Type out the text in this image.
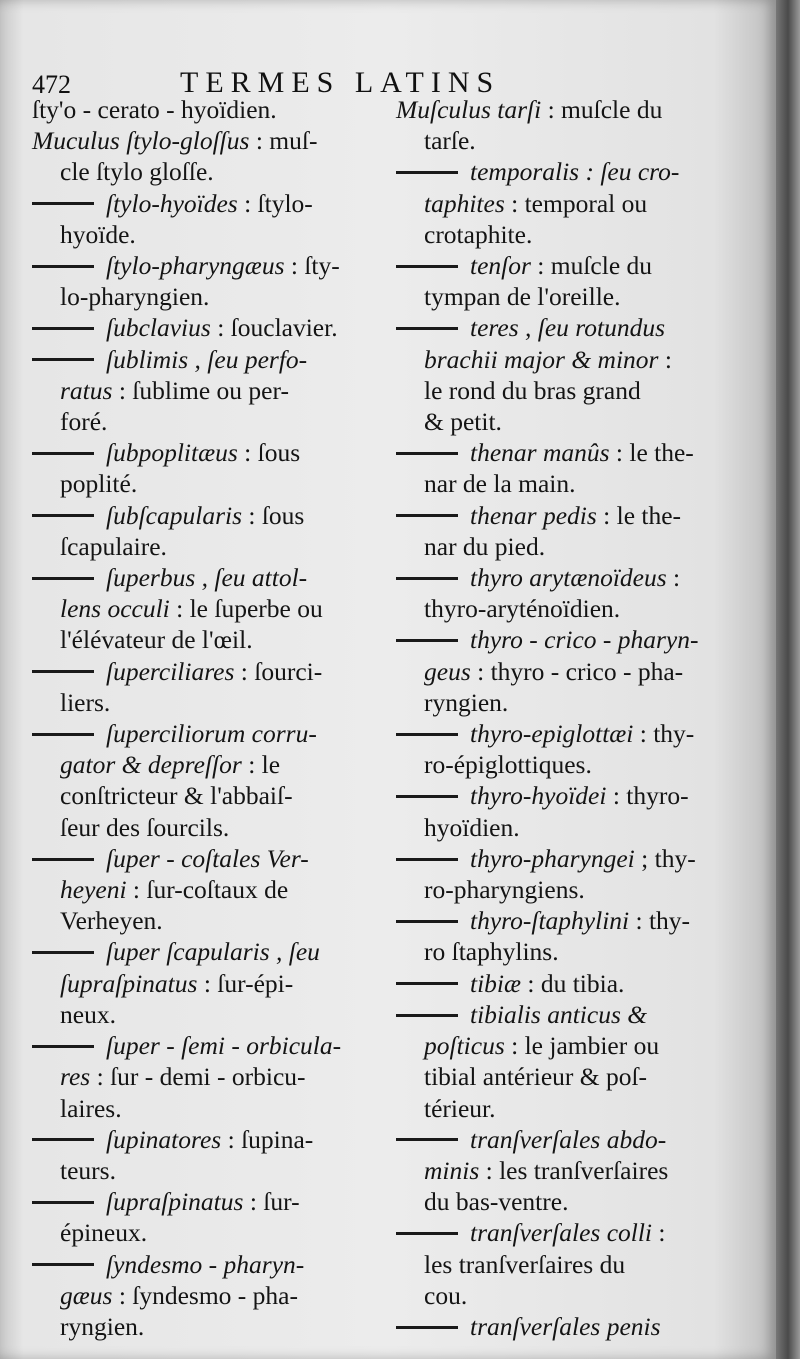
472	TERMES LATINS
ſty'o - cerato - hyoïdien.
Muculus ſtylo-gloſſus : muſ-
cle ſtylo gloſſe.
ſtylo-hyoïdes : ſtylo-
hyoïde.
ſtylo-pharyngæus : ſty-
lo-pharyngien.
ſubclavius : ſouclavier.
ſublimis , ſeu perfo-
ratus : ſublime ou per-
foré.
ſubpoplitæus : ſous
poplité.
ſubſcapularis : ſous
ſcapulaire.
ſuperbus , ſeu attol-
lens occuli : le ſuperbe ou
l'élévateur de l'œil.
ſuperciliares : ſourci-
liers.
ſuperciliorum corru-
gator & depreſſor : le
conſtricteur & l'abbaiſ-
ſeur des ſourcils.
ſuper - coſtales Ver-
heyeni : ſur-coſtaux de
Verheyen.
ſuper ſcapularis , ſeu
ſupraſpinatus : ſur-épi-
neux.
ſuper - ſemi - orbicula-
res : ſur - demi - orbicu-
laires.
ſupinatores : ſupina-
teurs.
ſupraſpinatus : ſur-
épineux.
ſyndesmo - pharyn-
gæus : ſyndesmo - pha-
ryngien.
Muſculus tarſi : muſcle du
tarſe.
temporalis : ſeu cro-
taphites : temporal ou
crotaphite.
tenſor : muſcle du
tympan de l'oreille.
teres , ſeu rotundus
brachii major & minor :
le rond du bras grand
& petit.
thenar manûs : le the-
nar de la main.
thenar pedis : le the-
nar du pied.
thyro arytænoïdeus :
thyro-aryténoïdien.
thyro - crico - pharyn-
geus : thyro - crico - pha-
ryngien.
thyro-epiglottæi : thy-
ro-épiglottiques.
thyro-hyoïdei : thyro-
hyoïdien.
thyro-pharyngei ; thy-
ro-pharyngiens.
thyro-ſtaphylini : thy-
ro ſtaphylins.
tibiæ : du tibia.
tibialis anticus &
poſticus : le jambier ou
tibial antérieur & poſ-
térieur.
tranſverſales abdo-
minis : les tranſverſaires
du bas-ventre.
tranſverſales colli :
les tranſverſaires du
cou.
tranſverſales penis
